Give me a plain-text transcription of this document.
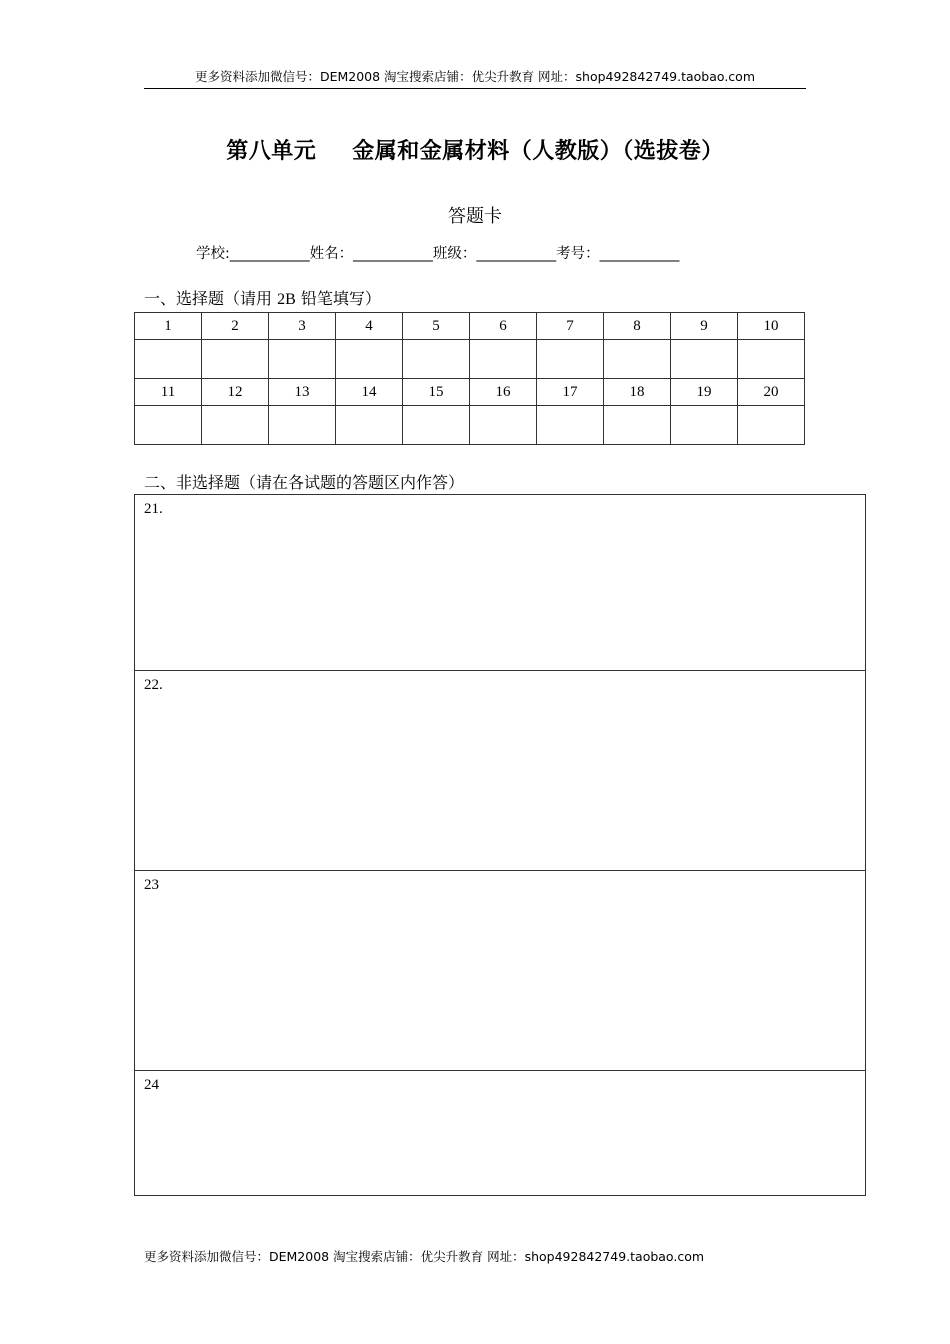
更多资料添加微信号：DEM2008 淘宝搜索店铺：优尖升教育 网址：shop492842749.taobao.com
第八单元 金属和金属材料（人教版）（选拔卷）
答题卡
学校:___________姓名：___________班级：___________考号：___________
一、选择题（请用 2B 铅笔填写）
1	2	3	4	5	6	7	8	9	10

11	12	13	14	15	16	17	18	19	20

二、非选择题（请在各试题的答题区内作答）
21.
22.
23
24
更多资料添加微信号：DEM2008 淘宝搜索店铺：优尖升教育 网址：shop492842749.taobao.com
